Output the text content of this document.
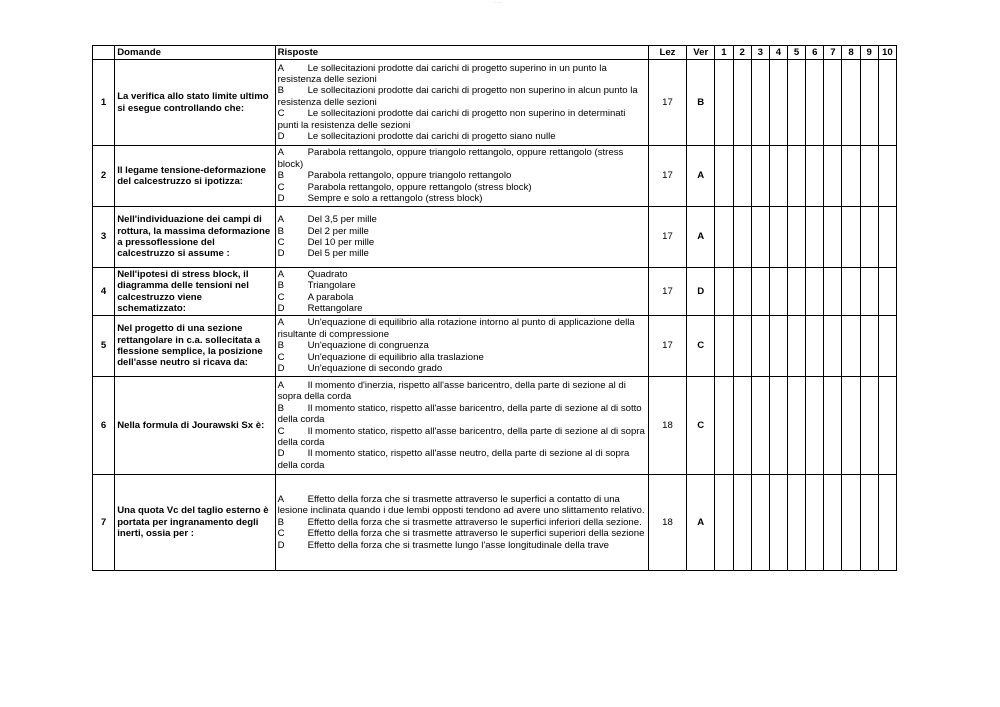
···
	Domande	Risposte	Lez	Ver	1	2	3	4	5	6	7	8	9	10
1	La verifica allo stato limite ultimo si esegue controllando che:	A Le sollecitazioni prodotte dai carichi di progetto superino in un punto la resistenza delle sezioni
B Le sollecitazioni prodotte dai carichi di progetto non superino in alcun punto la resistenza delle sezioni
C Le sollecitazioni prodotte dai carichi di progetto non superino in determinati punti la resistenza delle sezioni
D Le sollecitazioni prodotte dai carichi di progetto siano nulle	17	B										
2	Il legame tensione-deformazione del calcestruzzo si ipotizza:	A Parabola rettangolo, oppure triangolo rettangolo, oppure rettangolo (stress block)
B Parabola rettangolo, oppure triangolo rettangolo
C Parabola rettangolo, oppure rettangolo (stress block)
D Sempre e solo a rettangolo (stress block)	17	A										
3	Nell'individuazione dei campi di rottura, la massima deformazione a pressoflessione del calcestruzzo si assume :	A Del 3,5 per mille
B Del 2 per mille
C Del 10 per mille
D Del 5 per mille	17	A										
4	Nell'ipotesi di stress block, il diagramma delle tensioni nel calcestruzzo viene schematizzato:	A Quadrato
B Triangolare
C A parabola
D Rettangolare	17	D										
5	Nel progetto di una sezione rettangolare in c.a. sollecitata a flessione semplice, la posizione dell'asse neutro si ricava da:	A Un'equazione di equilibrio alla rotazione intorno al punto di applicazione della risultante di compressione
B Un'equazione di congruenza
C Un'equazione di equilibrio alla traslazione
D Un'equazione di secondo grado	17	C										
6	Nella formula di Jourawski Sx è:	A Il momento d'inerzia, rispetto all'asse baricentro, della parte di sezione al di sopra della corda
B Il momento statico, rispetto all'asse baricentro, della parte di sezione al di sotto della corda
C Il momento statico, rispetto all'asse baricentro, della parte di sezione al di sopra della corda
D Il momento statico, rispetto all'asse neutro, della parte di sezione al di sopra della corda	18	C										
7	Una quota Vc del taglio esterno è portata per ingranamento degli inerti, ossia per :	A Effetto della forza che si trasmette attraverso le superfici a contatto di una lesione inclinata quando i due lembi opposti tendono ad avere uno slittamento relativo.
B Effetto della forza che si trasmette attraverso le superfici inferiori della sezione.
C Effetto della forza che si trasmette attraverso le superfici superiori della sezione
D Effetto della forza che si trasmette lungo l'asse longitudinale della trave	18	A										
